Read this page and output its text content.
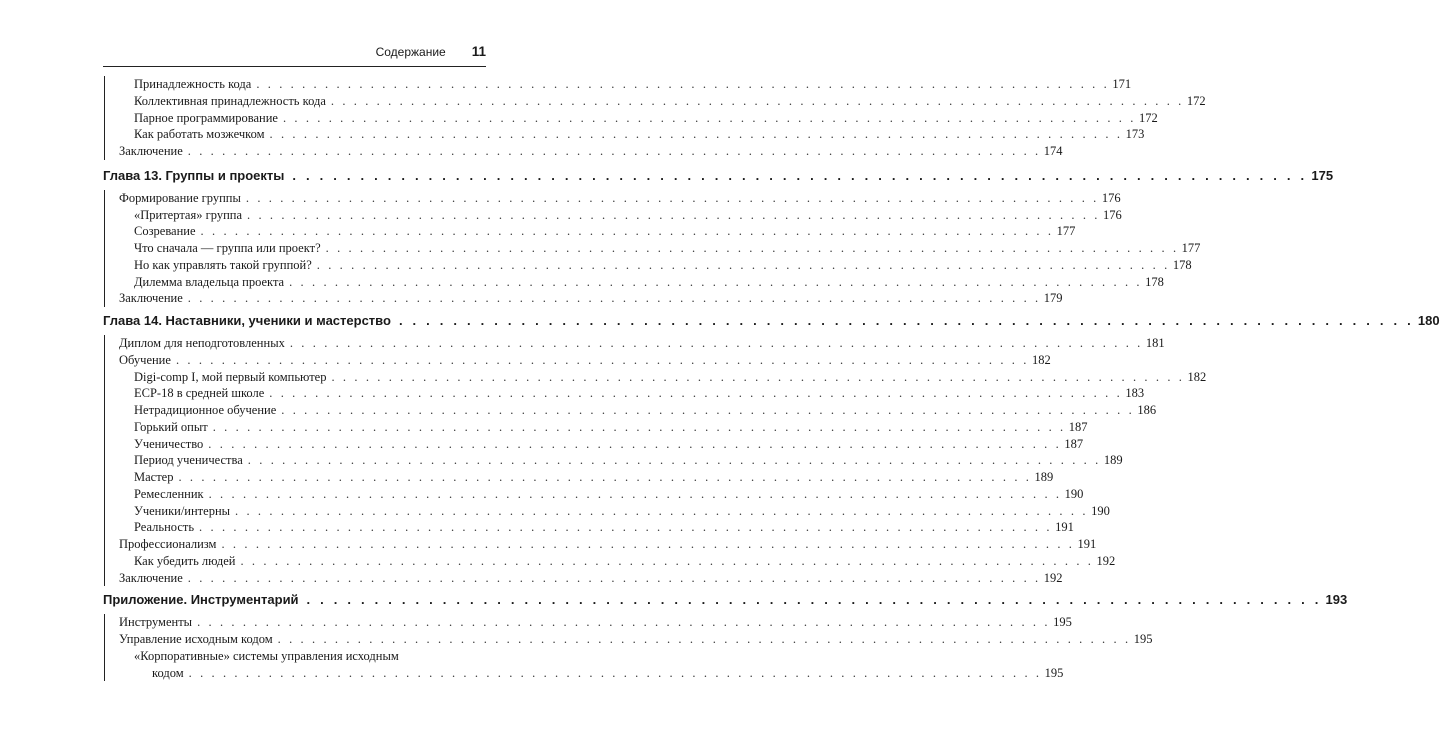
Содержание 11
Принадлежность кода . . . . . . . . . . . . . . . . . . . . . . . . . . . . . . . . . . . . . . . . . . . . . . . . . . . . . . . . . . . . . . . . . . . . . . . . . . . 171
Коллективная принадлежность кода . . . . . . . . . . . . . . . . . . . . . . . . . . . . . . . . . . . . . . . . . . . . . . . . . . . . . . . . . . . . . . . . . . . . . . . . . . . 172
Парное программирование . . . . . . . . . . . . . . . . . . . . . . . . . . . . . . . . . . . . . . . . . . . . . . . . . . . . . . . . . . . . . . . . . . . . . . . . . . . 172
Как работать мозжечком . . . . . . . . . . . . . . . . . . . . . . . . . . . . . . . . . . . . . . . . . . . . . . . . . . . . . . . . . . . . . . . . . . . . . . . . . . . 173
Заключение . . . . . . . . . . . . . . . . . . . . . . . . . . . . . . . . . . . . . . . . . . . . . . . . . . . . . . . . . . . . . . . . . . . . . . . . . . . 174
Глава 13. Группы и проекты . . . . . . . . . . . . . . . . . . . . . . . . . . . . . . . . . . . . . . . . . . . . . . . . . . . . . . . . . . . . . . . . . . . . . . . . . . . 175
Формирование группы . . . . . . . . . . . . . . . . . . . . . . . . . . . . . . . . . . . . . . . . . . . . . . . . . . . . . . . . . . . . . . . . . . . . . . . . . . . 176
«Притертая» группа . . . . . . . . . . . . . . . . . . . . . . . . . . . . . . . . . . . . . . . . . . . . . . . . . . . . . . . . . . . . . . . . . . . . . . . . . . . 176
Созревание . . . . . . . . . . . . . . . . . . . . . . . . . . . . . . . . . . . . . . . . . . . . . . . . . . . . . . . . . . . . . . . . . . . . . . . . . . . 177
Что сначала — группа или проект? . . . . . . . . . . . . . . . . . . . . . . . . . . . . . . . . . . . . . . . . . . . . . . . . . . . . . . . . . . . . . . . . . . . . . . . . . . . 177
Но как управлять такой группой? . . . . . . . . . . . . . . . . . . . . . . . . . . . . . . . . . . . . . . . . . . . . . . . . . . . . . . . . . . . . . . . . . . . . . . . . . . . 178
Дилемма владельца проекта . . . . . . . . . . . . . . . . . . . . . . . . . . . . . . . . . . . . . . . . . . . . . . . . . . . . . . . . . . . . . . . . . . . . . . . . . . . 178
Заключение . . . . . . . . . . . . . . . . . . . . . . . . . . . . . . . . . . . . . . . . . . . . . . . . . . . . . . . . . . . . . . . . . . . . . . . . . . . 179
Глава 14. Наставники, ученики и мастерство . . . . . . . . . . . . . . . . . . . . . . . . . . . . . . . . . . . . . . . . . . . . . . . . . . . . . . . . . . . . . . . . . . . . . . . . . . . 180
Диплом для неподготовленных . . . . . . . . . . . . . . . . . . . . . . . . . . . . . . . . . . . . . . . . . . . . . . . . . . . . . . . . . . . . . . . . . . . . . . . . . . . 181
Обучение . . . . . . . . . . . . . . . . . . . . . . . . . . . . . . . . . . . . . . . . . . . . . . . . . . . . . . . . . . . . . . . . . . . . . . . . . . . 182
Digi-comp I, мой первый компьютер . . . . . . . . . . . . . . . . . . . . . . . . . . . . . . . . . . . . . . . . . . . . . . . . . . . . . . . . . . . . . . . . . . . . . . . . . . . 182
ECP-18 в средней школе . . . . . . . . . . . . . . . . . . . . . . . . . . . . . . . . . . . . . . . . . . . . . . . . . . . . . . . . . . . . . . . . . . . . . . . . . . . 183
Нетрадиционное обучение . . . . . . . . . . . . . . . . . . . . . . . . . . . . . . . . . . . . . . . . . . . . . . . . . . . . . . . . . . . . . . . . . . . . . . . . . . . 186
Горький опыт . . . . . . . . . . . . . . . . . . . . . . . . . . . . . . . . . . . . . . . . . . . . . . . . . . . . . . . . . . . . . . . . . . . . . . . . . . . 187
Ученичество . . . . . . . . . . . . . . . . . . . . . . . . . . . . . . . . . . . . . . . . . . . . . . . . . . . . . . . . . . . . . . . . . . . . . . . . . . . 187
Период ученичества . . . . . . . . . . . . . . . . . . . . . . . . . . . . . . . . . . . . . . . . . . . . . . . . . . . . . . . . . . . . . . . . . . . . . . . . . . . 189
Мастер . . . . . . . . . . . . . . . . . . . . . . . . . . . . . . . . . . . . . . . . . . . . . . . . . . . . . . . . . . . . . . . . . . . . . . . . . . . 189
Ремесленник . . . . . . . . . . . . . . . . . . . . . . . . . . . . . . . . . . . . . . . . . . . . . . . . . . . . . . . . . . . . . . . . . . . . . . . . . . . 190
Ученики/интерны . . . . . . . . . . . . . . . . . . . . . . . . . . . . . . . . . . . . . . . . . . . . . . . . . . . . . . . . . . . . . . . . . . . . . . . . . . . 190
Реальность . . . . . . . . . . . . . . . . . . . . . . . . . . . . . . . . . . . . . . . . . . . . . . . . . . . . . . . . . . . . . . . . . . . . . . . . . . . 191
Профессионализм . . . . . . . . . . . . . . . . . . . . . . . . . . . . . . . . . . . . . . . . . . . . . . . . . . . . . . . . . . . . . . . . . . . . . . . . . . . 191
Как убедить людей . . . . . . . . . . . . . . . . . . . . . . . . . . . . . . . . . . . . . . . . . . . . . . . . . . . . . . . . . . . . . . . . . . . . . . . . . . . 192
Заключение . . . . . . . . . . . . . . . . . . . . . . . . . . . . . . . . . . . . . . . . . . . . . . . . . . . . . . . . . . . . . . . . . . . . . . . . . . . 192
Приложение. Инструментарий . . . . . . . . . . . . . . . . . . . . . . . . . . . . . . . . . . . . . . . . . . . . . . . . . . . . . . . . . . . . . . . . . . . . . . . . . . . 193
Инструменты . . . . . . . . . . . . . . . . . . . . . . . . . . . . . . . . . . . . . . . . . . . . . . . . . . . . . . . . . . . . . . . . . . . . . . . . . . . 195
Управление исходным кодом . . . . . . . . . . . . . . . . . . . . . . . . . . . . . . . . . . . . . . . . . . . . . . . . . . . . . . . . . . . . . . . . . . . . . . . . . . . 195
«Корпоративные» системы управления исходным
кодом . . . . . . . . . . . . . . . . . . . . . . . . . . . . . . . . . . . . . . . . . . . . . . . . . . . . . . . . . . . . . . . . . . . . . . . . . . . 195
